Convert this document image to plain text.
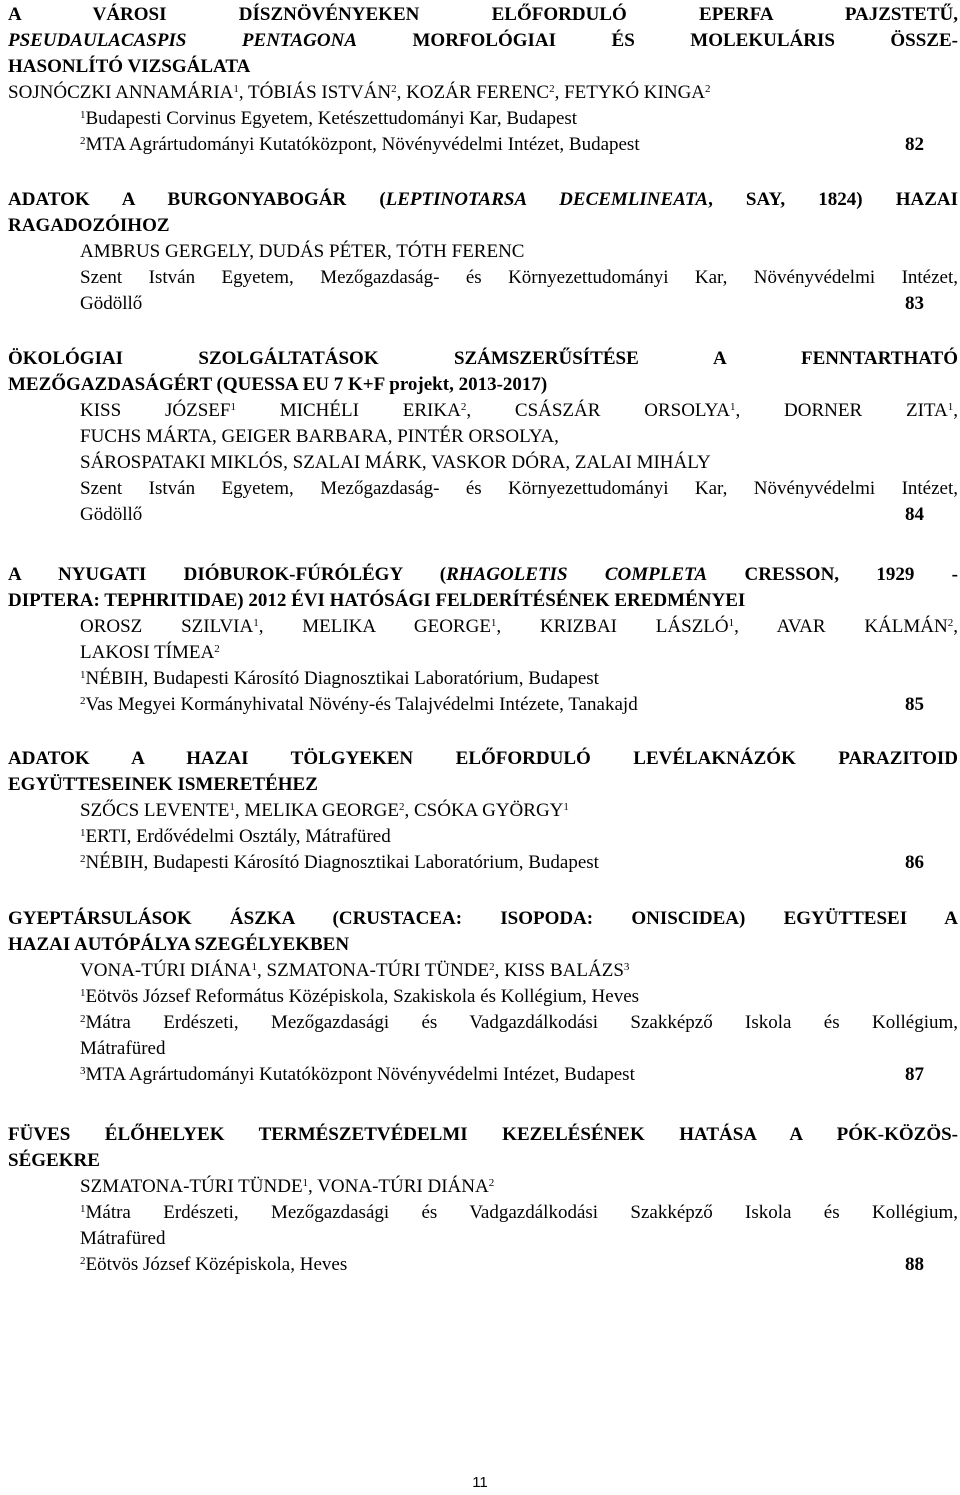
A VÁROSI DÍSZNÖVÉNYEKEN ELŐFORDULÓ EPERFA PAJZSTETŰ,
PSEUDAULACASPIS PENTAGONA MORFOLÓGIAI ÉS MOLEKULÁRIS ÖSSZE-
HASONLÍTÓ VIZSGÁLATA
SOJNÓCZKI ANNAMÁRIA$^1$, TÓBIÁS ISTVÁN$^2$, KOZÁR FERENC$^2$, FETYKÓ KINGA$^2$
$^1$Budapesti Corvinus Egyetem, Ketészettudományi Kar, Budapest
$^2$MTA Agrártudományi Kutatóközpont, Növényvédelmi Intézet, Budapest	82
ADATOK A BURGONYABOGÁR (LEPTINOTARSA DECEMLINEATA, SAY, 1824) HAZAI
RAGADOZÓIHOZ
AMBRUS GERGELY, DUDÁS PÉTER, TÓTH FERENC
Szent István Egyetem, Mezőgazdaság- és Környezettudományi Kar, Növényvédelmi Intézet,
Gödöllő	83
ÖKOLÓGIAI SZOLGÁLTATÁSOK SZÁMSZERŰSÍTÉSE A FENNTARTHATÓ
MEZŐGAZDASÁGÉRT (QUESSA EU 7 K+F projekt, 2013-2017)
KISS JÓZSEF$^1$ MICHÉLI ERIKA$^2$, CSÁSZÁR ORSOLYA$^1$, DORNER ZITA$^1$,
FUCHS MÁRTA, GEIGER BARBARA, PINTÉR ORSOLYA,
SÁROSPATAKI MIKLÓS, SZALAI MÁRK, VASKOR DÓRA, ZALAI MIHÁLY
Szent István Egyetem, Mezőgazdaság- és Környezettudományi Kar, Növényvédelmi Intézet,
Gödöllő	84
A NYUGATI DIÓBUROK-FÚRÓLÉGY (RHAGOLETIS COMPLETA CRESSON, 1929 -
DIPTERA: TEPHRITIDAE) 2012 ÉVI HATÓSÁGI FELDERÍTÉSÉNEK EREDMÉNYEI
OROSZ SZILVIA$^1$, MELIKA GEORGE$^1$, KRIZBAI LÁSZLÓ$^1$, AVAR KÁLMÁN$^2$,
LAKOSI TÍMEA$^2$
$^1$NÉBIH, Budapesti Károsító Diagnosztikai Laboratórium, Budapest
$^2$Vas Megyei Kormányhivatal Növény-és Talajvédelmi Intézete, Tanakajd	85
ADATOK A HAZAI TÖLGYEKEN ELŐFORDULÓ LEVÉLAKNÁZÓK PARAZITOID
EGYÜTTESEINEK ISMERETÉHEZ
SZŐCS LEVENTE$^1$, MELIKA GEORGE$^2$, CSÓKA GYÖRGY$^1$
$^1$ERTI, Erdővédelmi Osztály, Mátrafüred
$^2$NÉBIH, Budapesti Károsító Diagnosztikai Laboratórium, Budapest	86
GYEPTÁRSULÁSOK ÁSZKA (CRUSTACEA: ISOPODA: ONISCIDEA) EGYÜTTESEI A
HAZAI AUTÓPÁLYA SZEGÉLYEKBEN
VONA-TÚRI DIÁNA$^1$, SZMATONA-TÚRI TÜNDE$^2$, KISS BALÁZS$^3$
$^1$Eötvös József Református Középiskola, Szakiskola és Kollégium, Heves
$^2$Mátra Erdészeti, Mezőgazdasági és Vadgazdálkodási Szakképző Iskola és Kollégium,
Mátrafüred
$^3$MTA Agrártudományi Kutatóközpont Növényvédelmi Intézet, Budapest	87
FÜVES ÉLŐHELYEK TERMÉSZETVÉDELMI KEZELÉSÉNEK HATÁSA A PÓK-KÖZÖS-
SÉGEKRE
SZMATONA-TÚRI TÜNDE$^1$, VONA-TÚRI DIÁNA$^2$
$^1$Mátra Erdészeti, Mezőgazdasági és Vadgazdálkodási Szakképző Iskola és Kollégium,
Mátrafüred
$^2$Eötvös József Középiskola, Heves	88
11
